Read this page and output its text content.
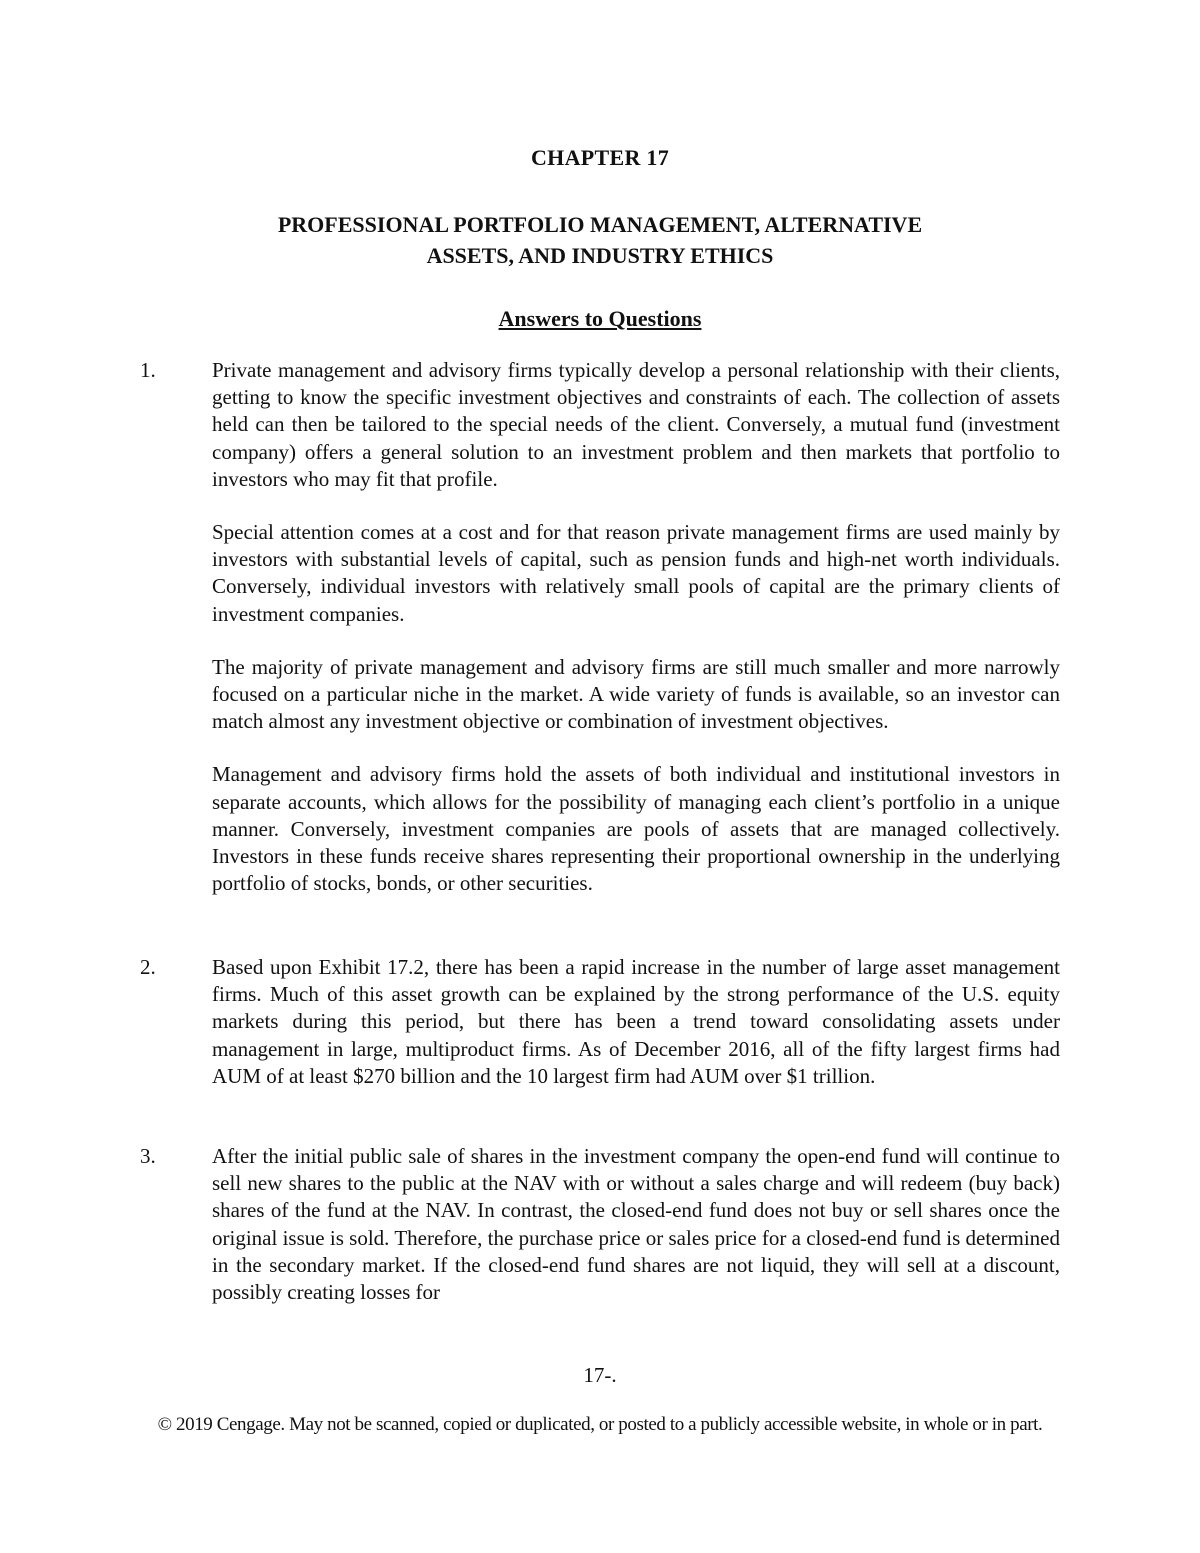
CHAPTER 17
PROFESSIONAL PORTFOLIO MANAGEMENT, ALTERNATIVE
ASSETS, AND INDUSTRY ETHICS
Answers to Questions
1.	Private management and advisory firms typically develop a personal relationship with their clients, getting to know the specific investment objectives and constraints of each. The collection of assets held can then be tailored to the special needs of the client. Conversely, a mutual fund (investment company) offers a general solution to an investment problem and then markets that portfolio to investors who may fit that profile.

Special attention comes at a cost and for that reason private management firms are used mainly by investors with substantial levels of capital, such as pension funds and high-net worth individuals. Conversely, individual investors with relatively small pools of capital are the primary clients of investment companies.

The majority of private management and advisory firms are still much smaller and more narrowly focused on a particular niche in the market. A wide variety of funds is available, so an investor can match almost any investment objective or combination of investment objectives.

Management and advisory firms hold the assets of both individual and institutional investors in separate accounts, which allows for the possibility of managing each client’s portfolio in a unique manner. Conversely, investment companies are pools of assets that are managed collectively. Investors in these funds receive shares representing their proportional ownership in the underlying portfolio of stocks, bonds, or other securities.

2.	Based upon Exhibit 17.2, there has been a rapid increase in the number of large asset management firms. Much of this asset growth can be explained by the strong performance of the U.S. equity markets during this period, but there has been a trend toward consolidating assets under management in large, multiproduct firms. As of December 2016, all of the fifty largest firms had AUM of at least $270 billion and the 10 largest firm had AUM over $1 trillion.

3.	After the initial public sale of shares in the investment company the open-end fund will continue to sell new shares to the public at the NAV with or without a sales charge and will redeem (buy back) shares of the fund at the NAV. In contrast, the closed-end fund does not buy or sell shares once the original issue is sold. Therefore, the purchase price or sales price for a closed-end fund is determined in the secondary market. If the closed-end fund shares are not liquid, they will sell at a discount, possibly creating losses for

17-.
© 2019 Cengage. May not be scanned, copied or duplicated, or posted to a publicly accessible website, in whole or in part.
